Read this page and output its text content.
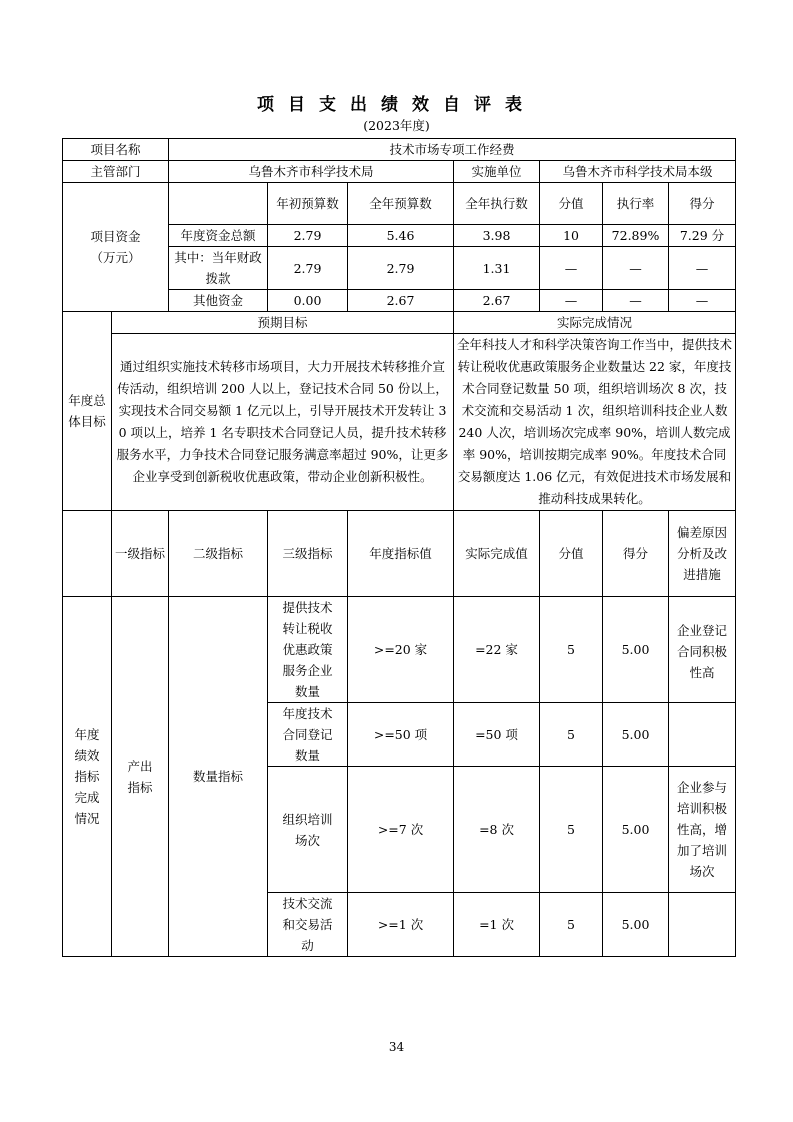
项目支出绩效自评表
(2023年度)
项目名称		技术市场专项工作经费						
主管部门		乌鲁木齐市科学技术局			实施单位	乌鲁木齐市科学技术局本级		

项目资金
（万元）			年初预算数	全年预算数	全年执行数	分值	执行率	得分
		年度资金总额	2.79	5.46	3.98	10	72.89%	7.29 分
		其中：当年财政拨款	2.79	2.79	1.31	—	—	—
		其他资金	0.00	2.67	2.67	—	—	—
年度总体目标	预期目标				实际完成情况			
	通过组织实施技术转移市场项目，大力开展技术转移推介宣传活动，组织培训 200 人以上，登记技术合同 50 份以上，实现技术合同交易额 1 亿元以上，引导开展技术开发转让 30 项以上，培养 1 名专职技术合同登记人员，提升技术转移服务水平，力争技术合同登记服务满意率超过 90%，让更多企业享受到创新税收优惠政策，带动企业创新积极性。				全年科技人才和科学决策咨询工作当中，提供技术转让税收优惠政策服务企业数量达 22 家，年度技术合同登记数量 50 项，组织培训场次 8 次，技术交流和交易活动 1 次，组织培训科技企业人数 240 人次，培训场次完成率 90%，培训人数完成率 90%，培训按期完成率 90%。年度技术合同交易额度达 1.06 亿元，有效促进技术市场发展和推动科技成果转化。			
	一级指标	二级指标	三级指标	年度指标值	实际完成值	分值	得分	偏差原因分析及改进措施
年度绩效指标完成情况	产出指标	数量指标	提供技术转让税收优惠政策服务企业数量	>=20 家	=22 家	5	5.00	企业登记合同积极性高
			年度技术合同登记数量	>=50 项	=50 项	5	5.00	
			组织培训场次	>=7 次	=8 次	5	5.00	企业参与培训积极性高，增加了培训场次
			技术交流和交易活动	>=1 次	=1 次	5	5.00	
34
